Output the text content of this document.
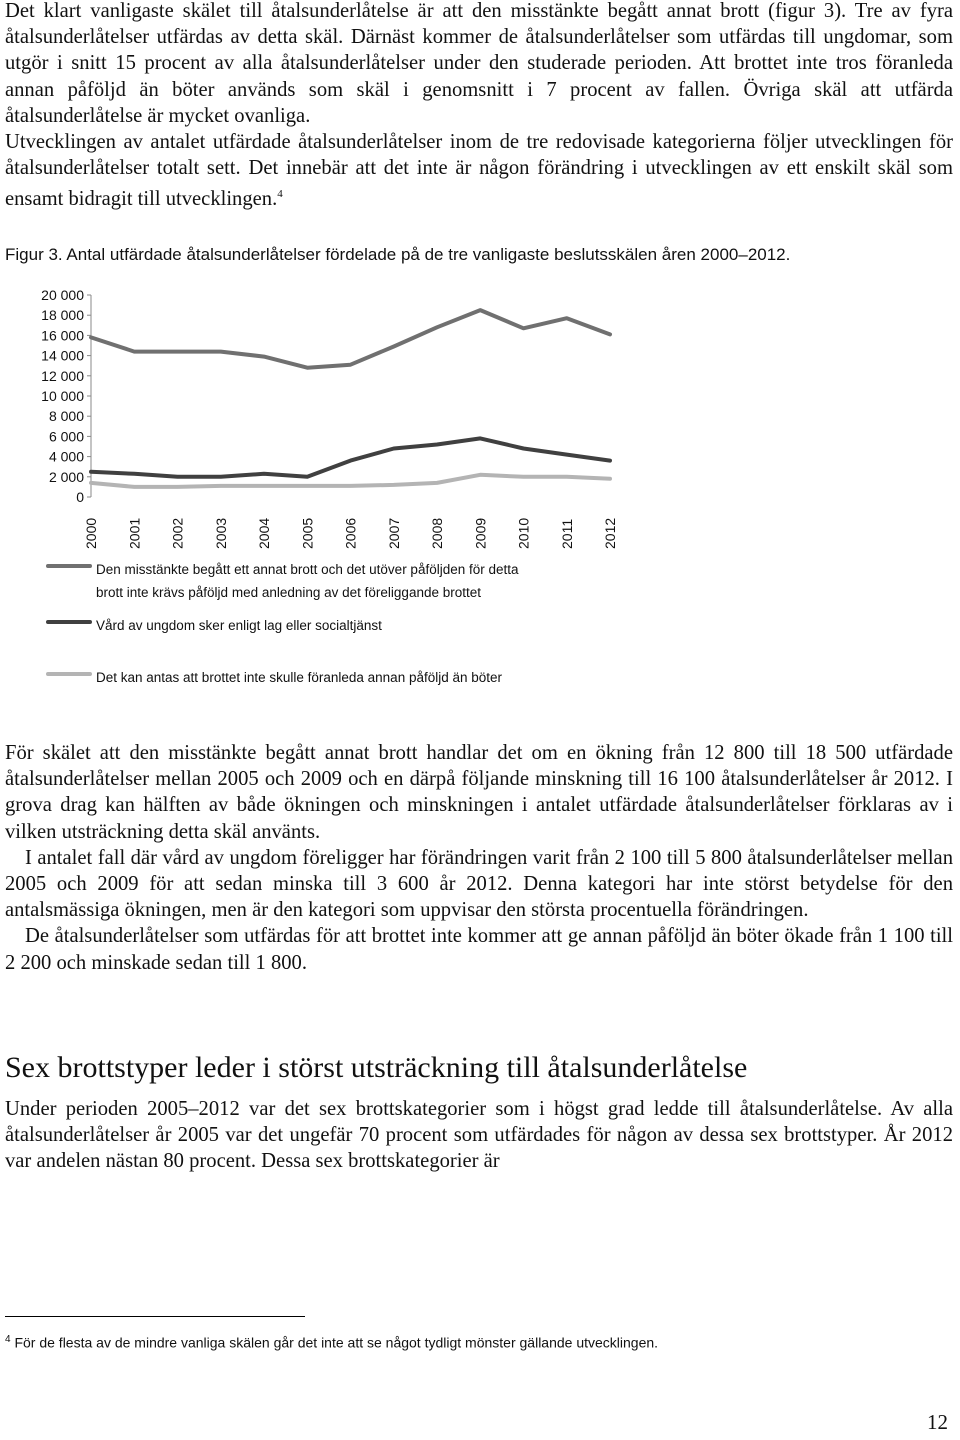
Det klart vanligaste skälet till åtalsunderlåtelse är att den misstänkte begått annat brott (figur 3). Tre av fyra åtalsunderlåtelser utfärdas av detta skäl. Därnäst kommer de åtalsunderlåtelser som utfärdas till ungdomar, som utgör i snitt 15 procent av alla åtalsunderlåtelser under den studerade perioden. Att brottet inte tros föranleda annan påföljd än böter används som skäl i genomsnitt i 7 procent av fallen. Övriga skäl att utfärda åtalsunderlåtelse är mycket ovanliga.
Utvecklingen av antalet utfärdade åtalsunderlåtelser inom de tre redovisade kategorierna följer utvecklingen för åtalsunderlåtelser totalt sett. Det innebär att det inte är någon förändring i utvecklingen av ett enskilt skäl som ensamt bidragit till utvecklingen.$^4$

Figur 3. Antal utfärdade åtalsunderlåtelser fördelade på de tre vanligaste beslutsskälen åren 2000–2012.

20 000
18 000
16 000
14 000
12 000
10 000
8 000
6 000
4 000
2 000
0
2000 2001 2002 2003 2004 2005 2006 2007 2008 2009 2010 2011 2012
Den misstänkte begått ett annat brott och det utöver påföljden för detta
brott inte krävs påföljd med anledning av det föreliggande brottet
Vård av ungdom sker enligt lag eller socialtjänst
Det kan antas att brottet inte skulle föranleda annan påföljd än böter

För skälet att den misstänkte begått annat brott handlar det om en ökning från 12 800 till 18 500 utfärdade åtalsunderlåtelser mellan 2005 och 2009 och en därpå följande minskning till 16 100 åtalsunderlåtelser år 2012. I grova drag kan hälften av både ökningen och minskningen i antalet utfärdade åtalsunderlåtelser förklaras av i vilken utsträckning detta skäl använts.
I antalet fall där vård av ungdom föreligger har förändringen varit från 2 100 till 5 800 åtalsunderlåtelser mellan 2005 och 2009 för att sedan minska till 3 600 år 2012. Denna kategori har inte störst betydelse för den antalsmässiga ökningen, men är den kategori som uppvisar den största procentuella förändringen.
De åtalsunderlåtelser som utfärdas för att brottet inte kommer att ge annan påföljd än böter ökade från 1 100 till 2 200 och minskade sedan till 1 800.

Sex brottstyper leder i störst utsträckning till åtalsunderlåtelse

Under perioden 2005–2012 var det sex brottskategorier som i högst grad ledde till åtalsunderlåtelse. Av alla åtalsunderlåtelser år 2005 var det ungefär 70 procent som utfärdades för någon av dessa sex brottstyper. År 2012 var andelen nästan 80 procent. Dessa sex brottskategorier är

$^4$ För de flesta av de mindre vanliga skälen går det inte att se något tydligt mönster gällande utvecklingen.

12
